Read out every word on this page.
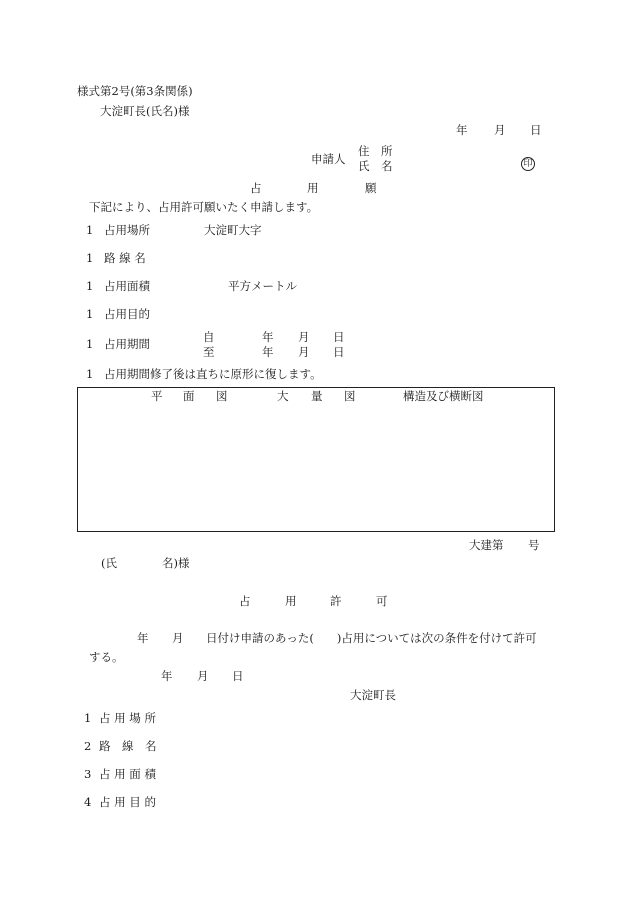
様式第2号(第3条関係)
大淀町長(氏名)様
年 月 日
申請人
住　所
氏　名	印
占	用	願
下記により、占用許可願いたく申請します。
1 占用場所	大淀町大字
1 路 線 名
1 占用面積	平方メートル
1 占用目的
1 占用期間	自	年 月 日
至	年 月 日
1 占用期間修了後は直ちに原形に復します。
平 面 図	大 量 図	構造及び横断図
大建第 号
(氏	名)様
占	用	許	可
年 月 日付け申請のあった(　　)占用については次の条件を付けて許可
する。
年 月 日
大淀町長
1 占 用 場 所
2 路　線　名
3 占 用 面 積
4 占 用 目 的
